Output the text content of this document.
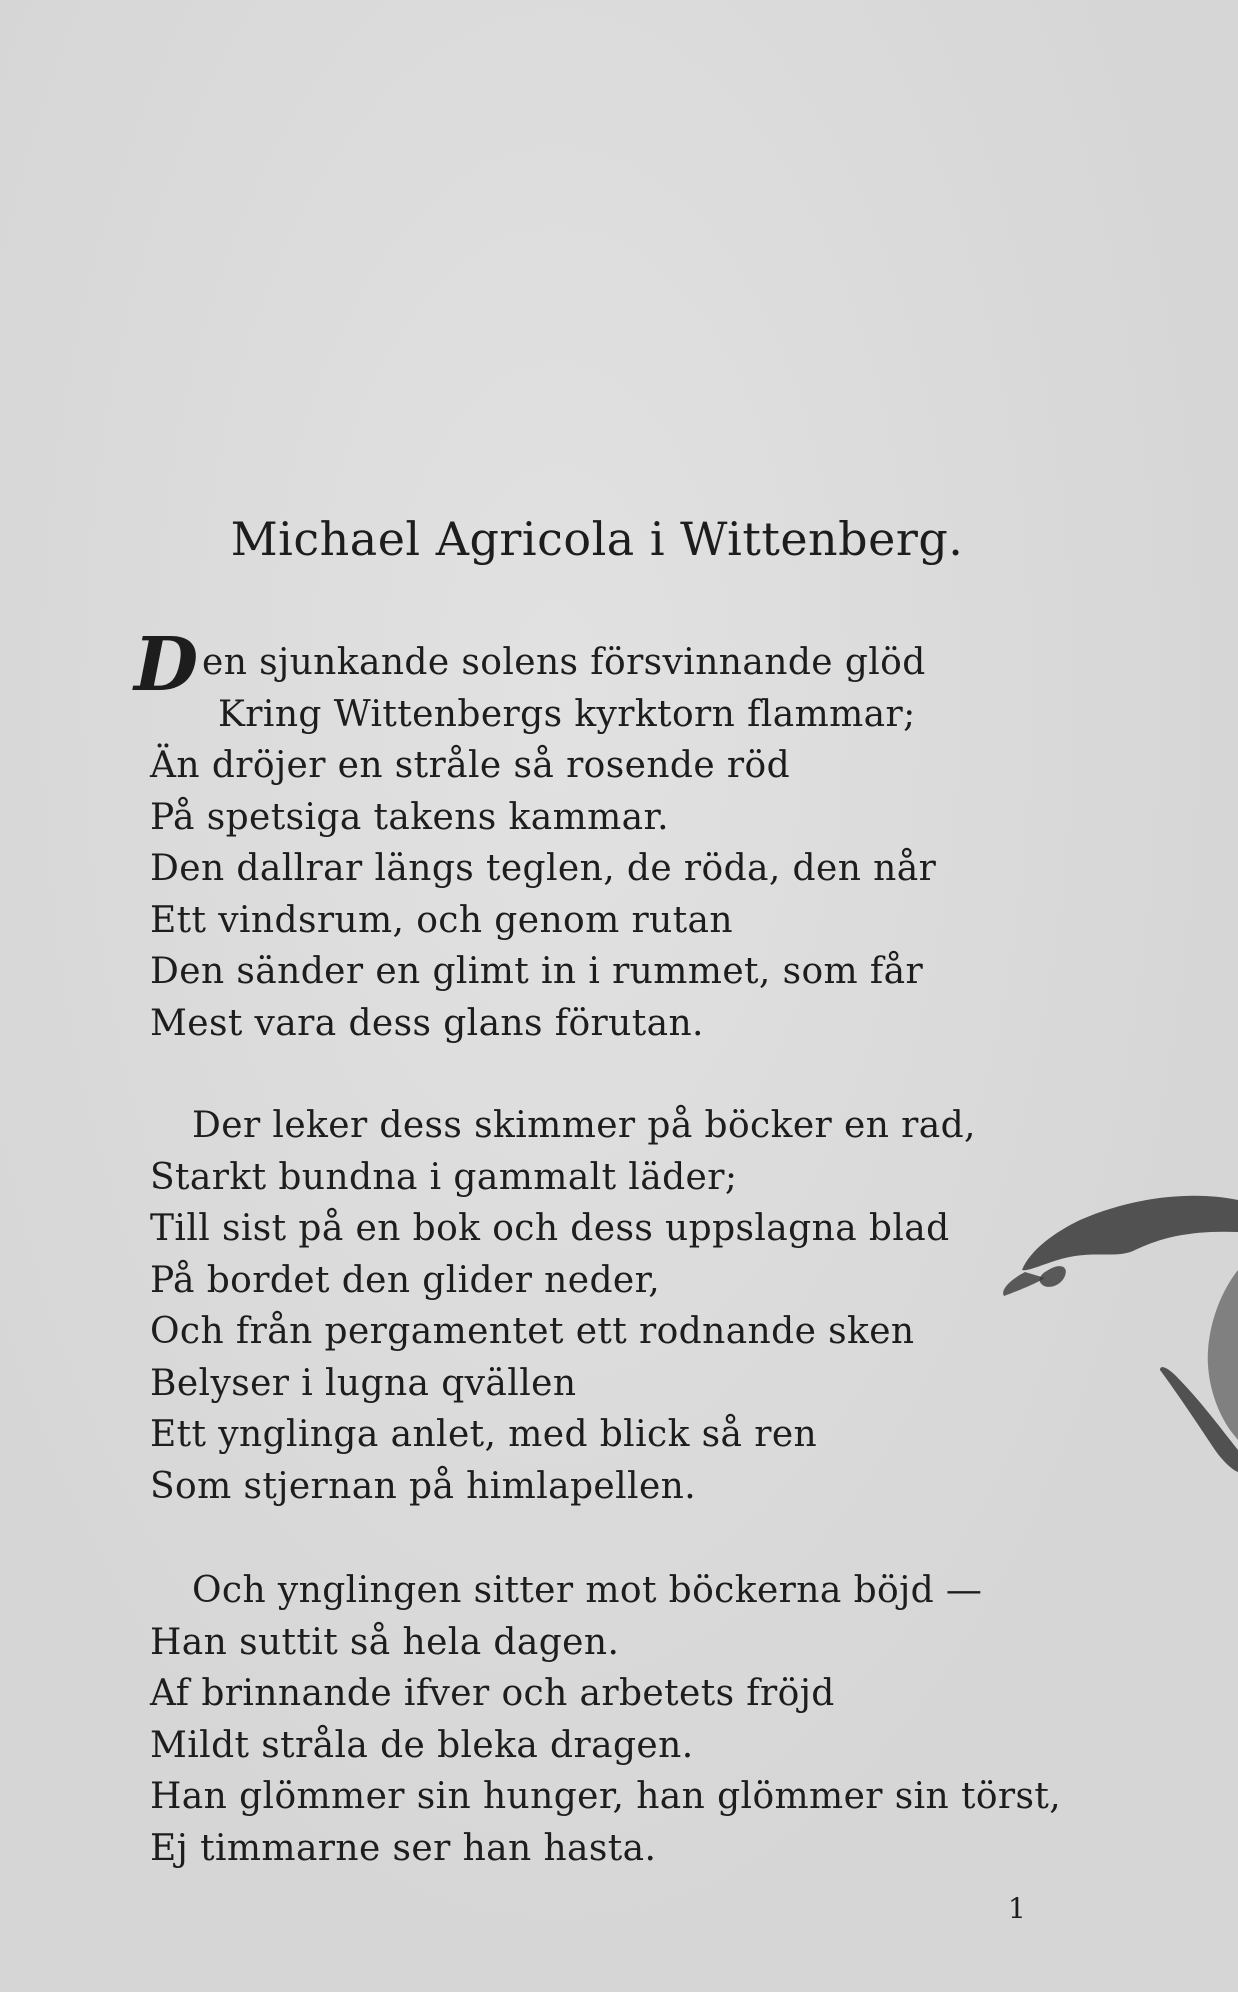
Michael Agricola i Wittenberg.
D en sjunkande solens försvinnande glöd
Kring Wittenbergs kyrktorn flammar;
Än dröjer en stråle så rosende röd
På spetsiga takens kammar.
Den dallrar längs teglen, de röda, den når
Ett vindsrum, och genom rutan
Den sänder en glimt in i rummet, som får
Mest vara dess glans förutan.
Der leker dess skimmer på böcker en rad,
Starkt bundna i gammalt läder;
Till sist på en bok och dess uppslagna blad
På bordet den glider neder,
Och från pergamentet ett rodnande sken
Belyser i lugna qvällen
Ett ynglinga anlet, med blick så ren
Som stjernan på himlapellen.
Och ynglingen sitter mot böckerna böjd —
Han suttit så hela dagen.
Af brinnande ifver och arbetets fröjd
Mildt stråla de bleka dragen.
Han glömmer sin hunger, han glömmer sin törst,
Ej timmarne ser han hasta.
1
